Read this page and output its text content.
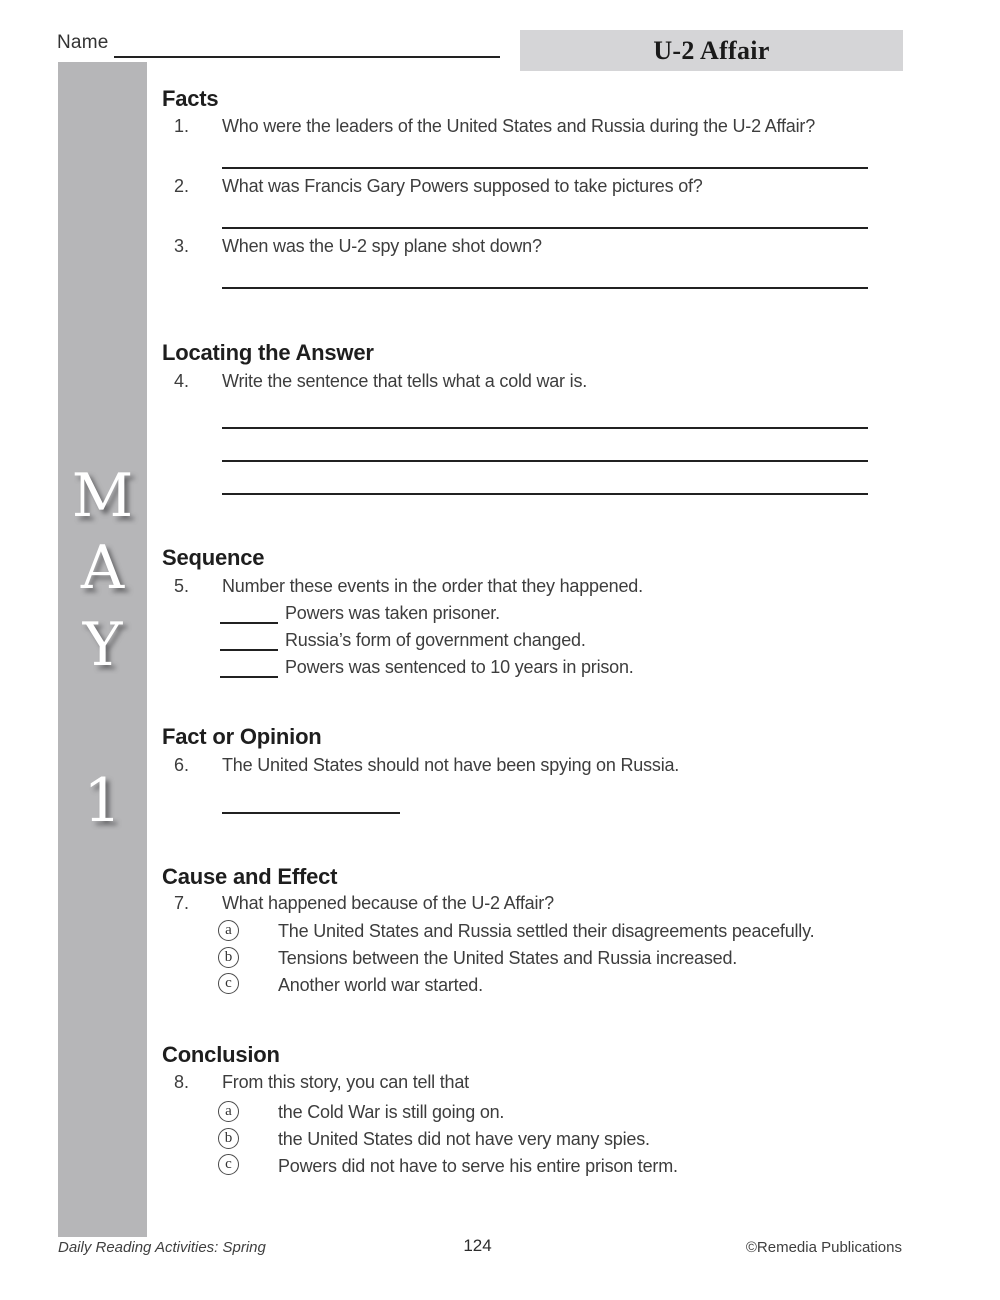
Name	U-2 Affair
M
A
Y
1
Facts
1. Who were the leaders of the United States and Russia during the U-2 Affair?
2. What was Francis Gary Powers supposed to take pictures of?
3. When was the U-2 spy plane shot down?
Locating the Answer
4. Write the sentence that tells what a cold war is.
Sequence
5. Number these events in the order that they happened.
Powers was taken prisoner.
Russia’s form of government changed.
Powers was sentenced to 10 years in prison.
Fact or Opinion
6. The United States should not have been spying on Russia.
Cause and Effect
7. What happened because of the U-2 Affair?
a	The United States and Russia settled their disagreements peacefully.
b	Tensions between the United States and Russia increased.
c	Another world war started.
Conclusion
8. From this story, you can tell that
a	the Cold War is still going on.
b	the United States did not have very many spies.
c	Powers did not have to serve his entire prison term.
Daily Reading Activities: Spring	124	©Remedia Publications
